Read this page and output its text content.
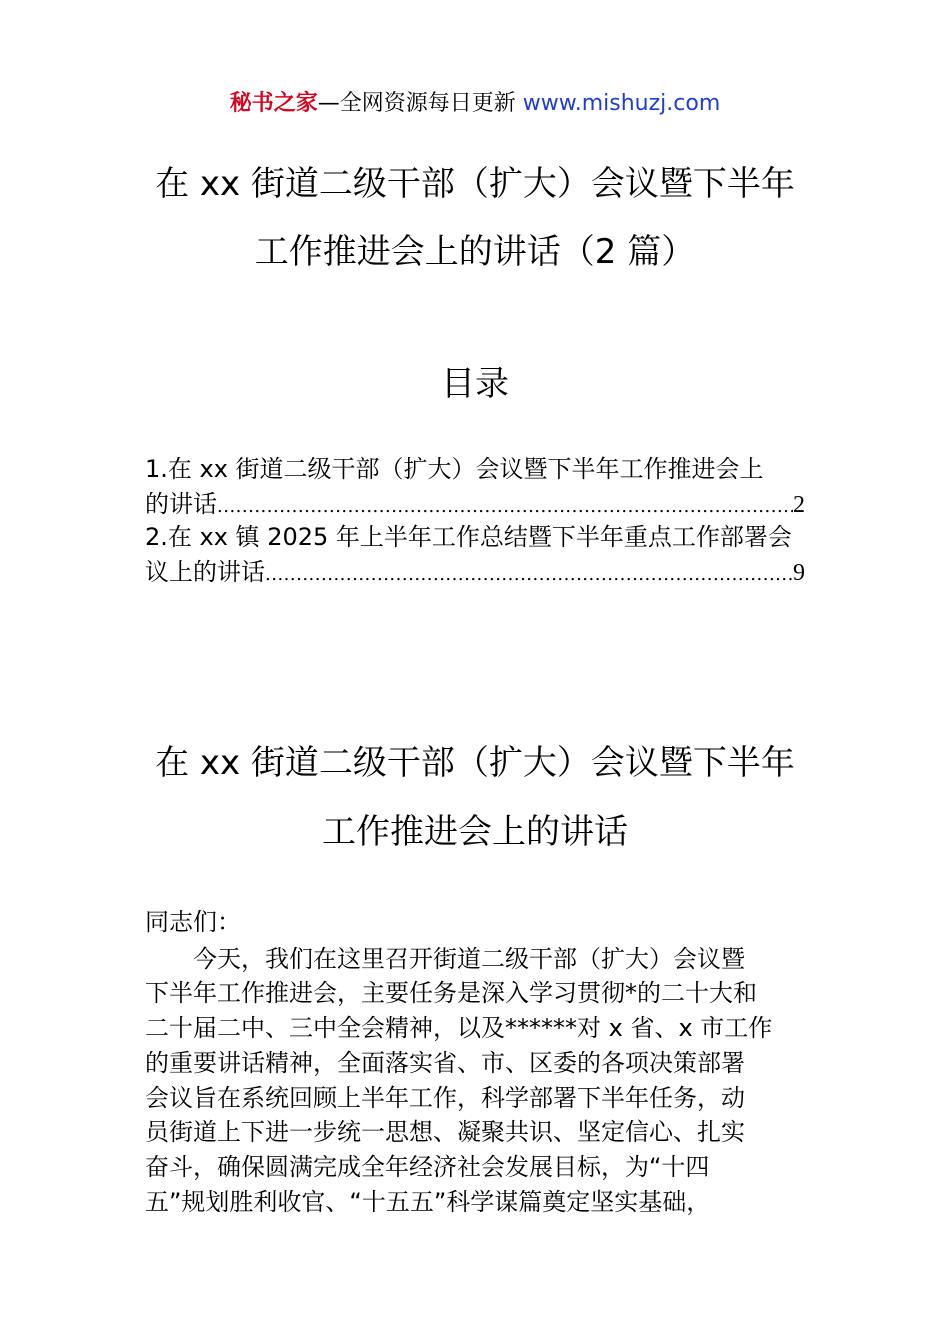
秘书之家—全网资源每日更新 www.mishuzj.com
在 xx 街道二级干部（扩大）会议暨下半年
工作推进会上的讲话（2 篇）
目录
1.在 xx 街道二级干部（扩大）会议暨下半年工作推进会上
的讲话 .....	2
2.在 xx 镇 2025 年上半年工作总结暨下半年重点工作部署会
议上的讲话 .....	9
在 xx 街道二级干部（扩大）会议暨下半年
工作推进会上的讲话
同志们：
今天，我们在这里召开街道二级干部（扩大）会议暨
下半年工作推进会，主要任务是深入学习贯彻*的二十大和
二十届二中、三中全会精神，以及******对 x 省、x 市工作
的重要讲话精神，全面落实省、市、区委的各项决策部署
会议旨在系统回顾上半年工作，科学部署下半年任务，动
员街道上下进一步统一思想、凝聚共识、坚定信心、扎实
奋斗，确保圆满完成全年经济社会发展目标，为“十四
五”规划胜利收官、“十五五”科学谋篇奠定坚实基础，
